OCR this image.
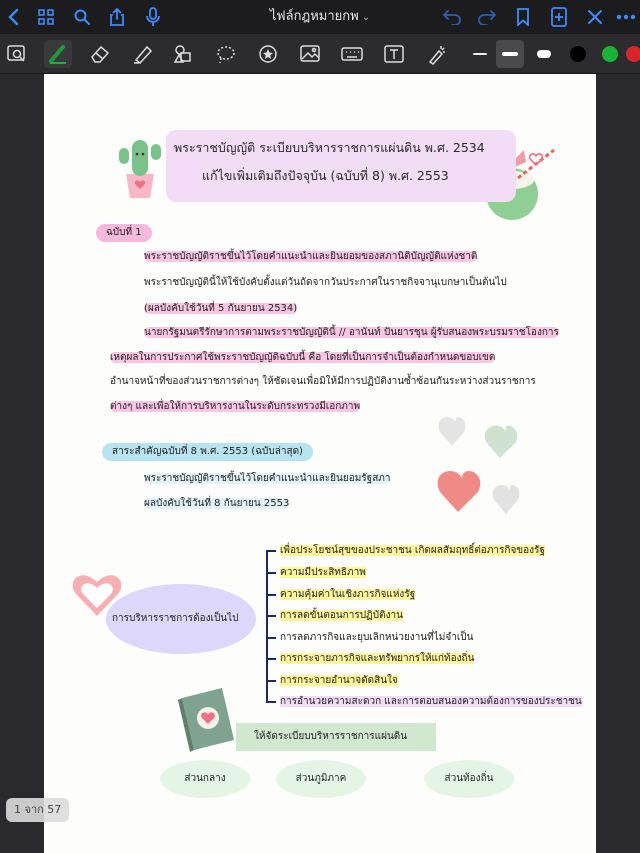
ไฟล์กฎหมายกพ ⌄
พระราชบัญญัติ ระเบียบบริหารราชการแผ่นดิน พ.ศ. 2534
แก้ไขเพิ่มเติมถึงปัจจุบัน (ฉบับที่ 8) พ.ศ. 2553
ฉบับที่ 1
พระราชบัญญัติราชขึ้นไว้โดยคำแนะนำและยินยอมของสภานิติบัญญัติแห่งชาติ
พระราชบัญญัตินี้ให้ใช้บังคับตั้งแต่วันถัดจากวันประกาศในราชกิจจานุเบกษาเป็นต้นไป
(ผลบังคับใช้วันที่ 5 กันยายน 2534)
นายกรัฐมนตรีรักษาการตามพระราชบัญญัตินี้ // อานันท์ ปันยารชุน ผู้รับสนองพระบรมราชโองการ
เหตุผลในการประกาศใช้พระราชบัญญัติฉบับนี้ คือ โดยที่เป็นการจำเป็นต้องกำหนดขอบเขต
อำนาจหน้าที่ของส่วนราชการต่างๆ ให้ชัดเจนเพื่อมิให้มีการปฏิบัติงานซ้ำซ้อนกันระหว่างส่วนราชการ
ต่างๆ และเพื่อให้การบริหารงานในระดับกระทรวงมีเอกภาพ
สาระสำคัญฉบับที่ 8 พ.ศ. 2553 (ฉบับล่าสุด)
พระราชบัญญัติราชขึ้นไว้โดยคำแนะนำและยินยอมรัฐสภา
ผลบังคับใช้วันที่ 8 กันยายน 2553
การบริหารราชการต้องเป็นไป
เพื่อประโยชน์สุขของประชาชน เกิดผลสัมฤทธิ์ต่อภารกิจของรัฐ
ความมีประสิทธิภาพ
ความคุ้มค่าในเชิงภารกิจแห่งรัฐ
การลดขั้นตอนการปฏิบัติงาน
การลดภารกิจและยุบเลิกหน่วยงานที่ไม่จำเป็น
การกระจายภารกิจและทรัพยากรให้แก่ท้องถิ่น
การกระจายอำนาจตัดสินใจ
การอำนวยความสะดวก และการตอบสนองความต้องการของประชาชน
ให้จัดระเบียบบริหารราชการแผ่นดิน
ส่วนกลาง	ส่วนภูมิภาค	ส่วนท้องถิ่น
1 จาก 57
